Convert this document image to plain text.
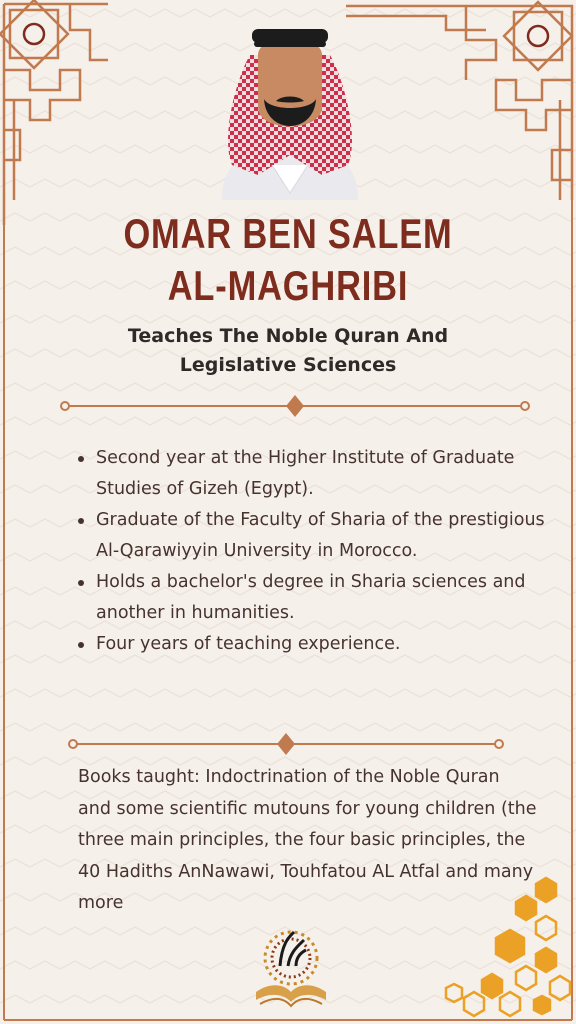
OMAR BEN SALEM
AL-MAGHRIBI
Teaches The Noble Quran And
Legislative Sciences
Second year at the Higher Institute of Graduate Studies of Gizeh (Egypt).
Graduate of the Faculty of Sharia of the prestigious Al-Qarawiyyin University in Morocco.
Holds a bachelor's degree in Sharia sciences and another in humanities.
Four years of teaching experience.
Books taught: Indoctrination of the Noble Quran and some scientific mutouns for young children (the three main principles, the four basic principles, the 40 Hadiths AnNawawi, Touhfatou AL Atfal and many more
